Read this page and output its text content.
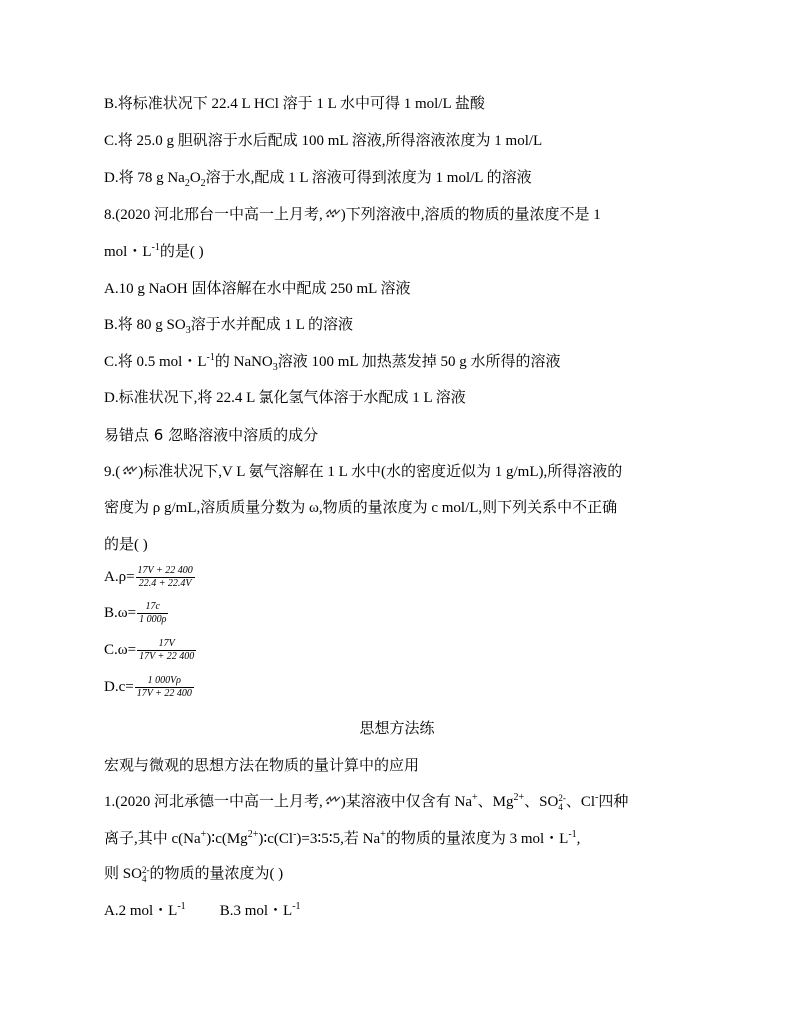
B.将标准状况下 22.4 L HCl 溶于 1 L 水中可得 1 mol/L 盐酸
C.将 25.0 g 胆矾溶于水后配成 100 mL 溶液,所得溶液浓度为 1 mol/L
D.将 78 g $Na_2O_2$溶于水,配成 1 L 溶液可得到浓度为 1 mol/L 的溶液
8.(2020 河北邢台一中高一上月考, )下列溶液中,溶质的物质的量浓度不是 1
mol・$L^{-1}$的是( )
A.10 g NaOH 固体溶解在水中配成 250 mL 溶液
B.将 80 g $SO_3$溶于水并配成 1 L 的溶液
C.将 0.5 mol・$L^{-1}$的 NaNO$_3$溶液 100 mL 加热蒸发掉 50 g 水所得的溶液
D.标准状况下,将 22.4 L 氯化氢气体溶于水配成 1 L 溶液
易错点 6 忽略溶液中溶质的成分
9.( )标准状况下,V L 氨气溶解在 1 L 水中(水的密度近似为 1 g/mL),所得溶液的
密度为 ρ g/mL,溶质质量分数为 ω,物质的量浓度为 c mol/L,则下列关系中不正确
的是( )
$A.\rho= \frac{17V + 22 400}{22.4 + 22.4V}$
$B.\omega= \frac{17c}{1 000\rho}$
$C.\omega= \frac{17V}{17V + 22 400}$
$D.c= \frac{1 000V\rho}{17V + 22 400}$
思想方法练
宏观与微观的思想方法在物质的量计算中的应用
1.(2020 河北承德一中高一上月考, )某溶液中仅含有 Na+、$Mg^{2+}$、SO 2-
4 、Cl-四种
离子,其中 $c(Na^+)∶c(Mg^{2+})∶c(Cl^-)=3∶5∶5$,若 Na+的物质的量浓度为 3 mol・$L^{-1}$,
则 SO 2-
4 的物质的量浓度为( )
A.2 mol・$L^{-1}$ B.3 mol・$L^{-1}$
